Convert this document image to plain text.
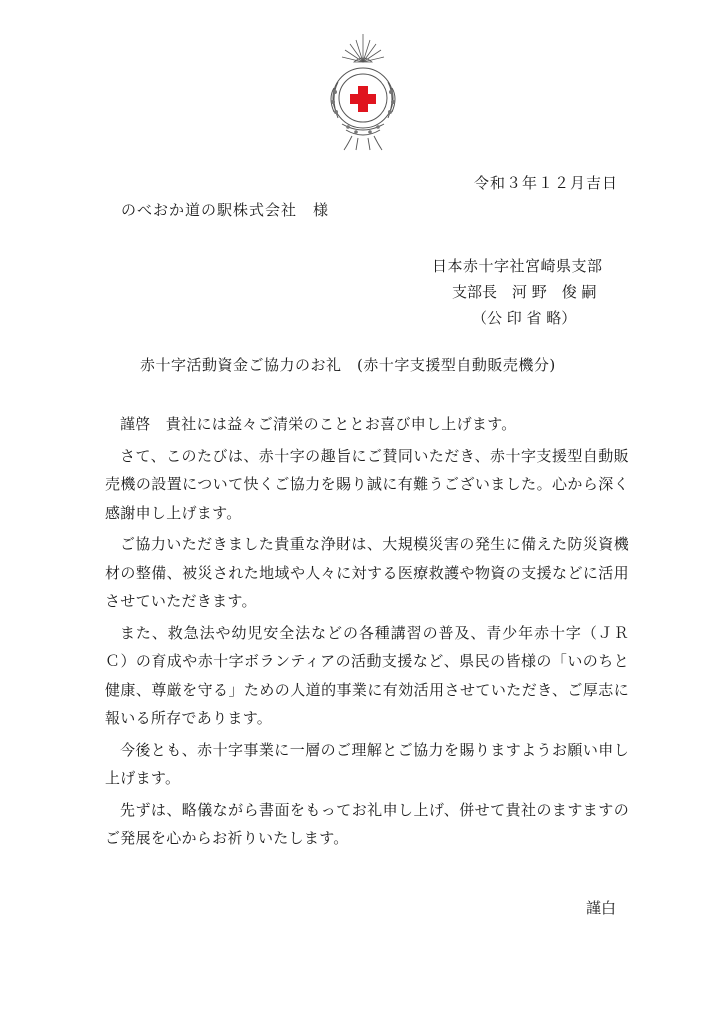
令和３年１２月吉日
のべおか道の駅株式会社　様
日本赤十字社宮崎県支部
支部長　河 野　俊 嗣
（公 印 省 略）
赤十字活動資金ご協力のお礼　(赤十字支援型自動販売機分)

謹啓　貴社には益々ご清栄のこととお喜び申し上げます。

さて、このたびは、赤十字の趣旨にご賛同いただき、赤十字支援型自動販売機の設置について快くご協力を賜り誠に有難うございました。心から深く感謝申し上げます。

ご協力いただきました貴重な浄財は、大規模災害の発生に備えた防災資機材の整備、被災された地域や人々に対する医療救護や物資の支援などに活用させていただきます。

また、救急法や幼児安全法などの各種講習の普及、青少年赤十字（ＪＲＣ）の育成や赤十字ボランティアの活動支援など、県民の皆様の「いのちと健康、尊厳を守る」ための人道的事業に有効活用させていただき、ご厚志に報いる所存であります。

今後とも、赤十字事業に一層のご理解とご協力を賜りますようお願い申し上げます。

先ずは、略儀ながら書面をもってお礼申し上げ、併せて貴社のますますのご発展を心からお祈りいたします。

謹白
